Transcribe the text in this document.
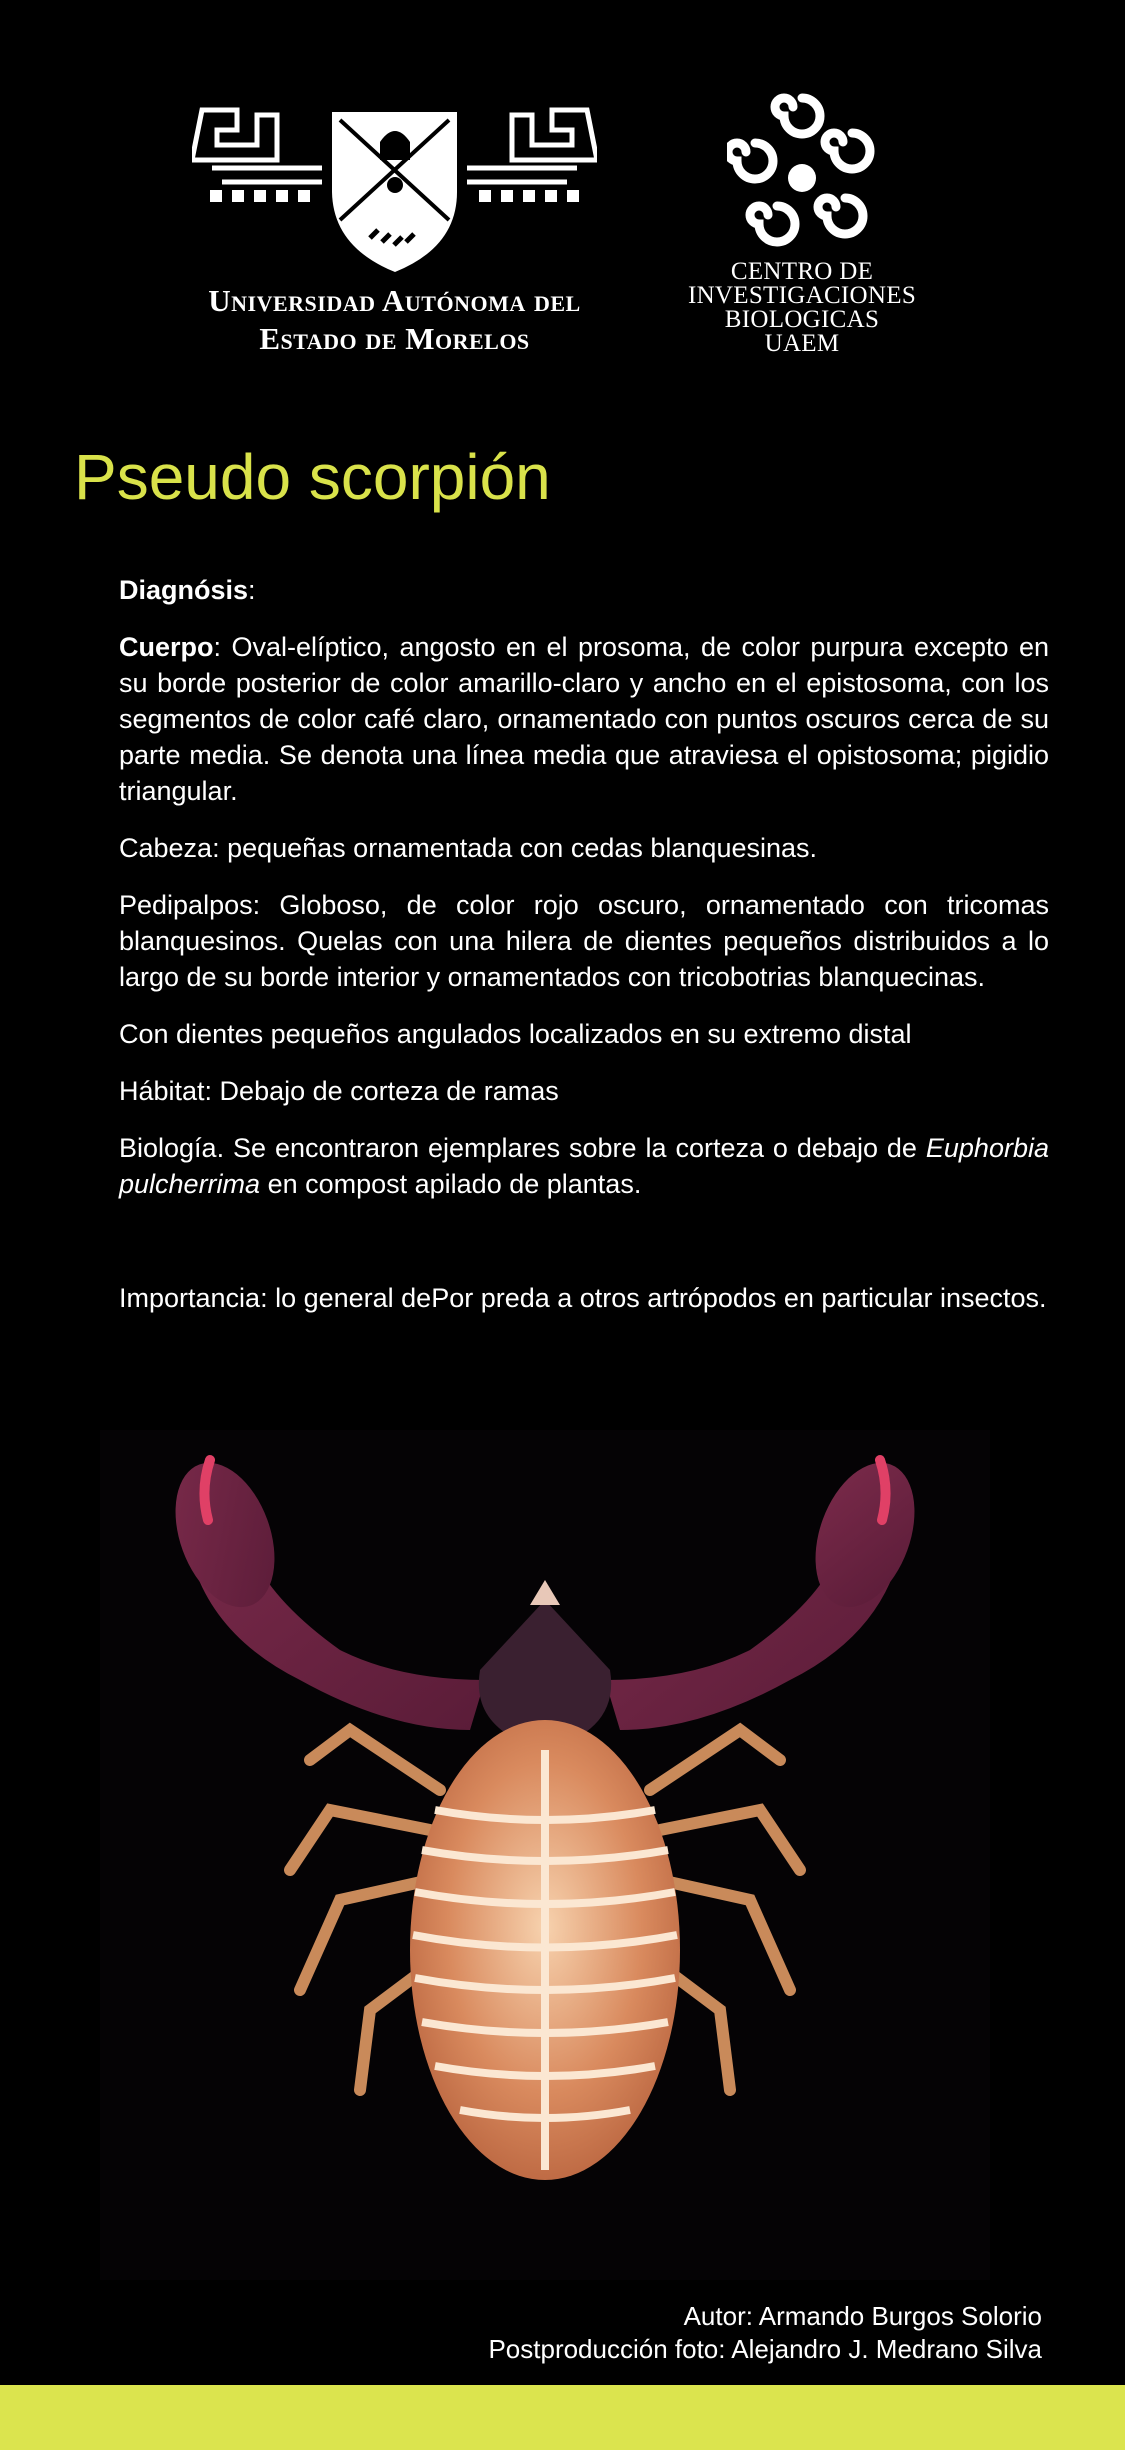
Universidad Autónoma del
Estado de Morelos
CENTRO DE
INVESTIGACIONES
BIOLOGICAS
UAEM
Pseudo scorpión

Diagnósis:

Cuerpo: Oval-elíptico, angosto en el prosoma, de color purpura excepto en su borde posterior de color amarillo-claro y ancho en el epistosoma, con los segmentos de color café claro, ornamentado con puntos oscuros cerca de su parte media. Se denota una línea media que atraviesa el opistosoma; pigidio triangular.

Cabeza: pequeñas ornamentada con cedas blanquesinas.

Pedipalpos: Globoso, de color rojo oscuro, ornamentado con tricomas blanquesinos. Quelas con una hilera de dientes pequeños distribuidos a lo largo de su borde interior y ornamentados con tricobotrias blanquecinas.

Con dientes pequeños angulados localizados en su extremo distal

Hábitat: Debajo de corteza de ramas

Biología. Se encontraron ejemplares sobre la corteza o debajo de Euphorbia pulcherrima en compost apilado de plantas.

Importancia: lo general dePor preda a otros artrópodos en particular insectos.

Autor: Armando Burgos Solorio
Postproducción foto: Alejandro J. Medrano Silva
